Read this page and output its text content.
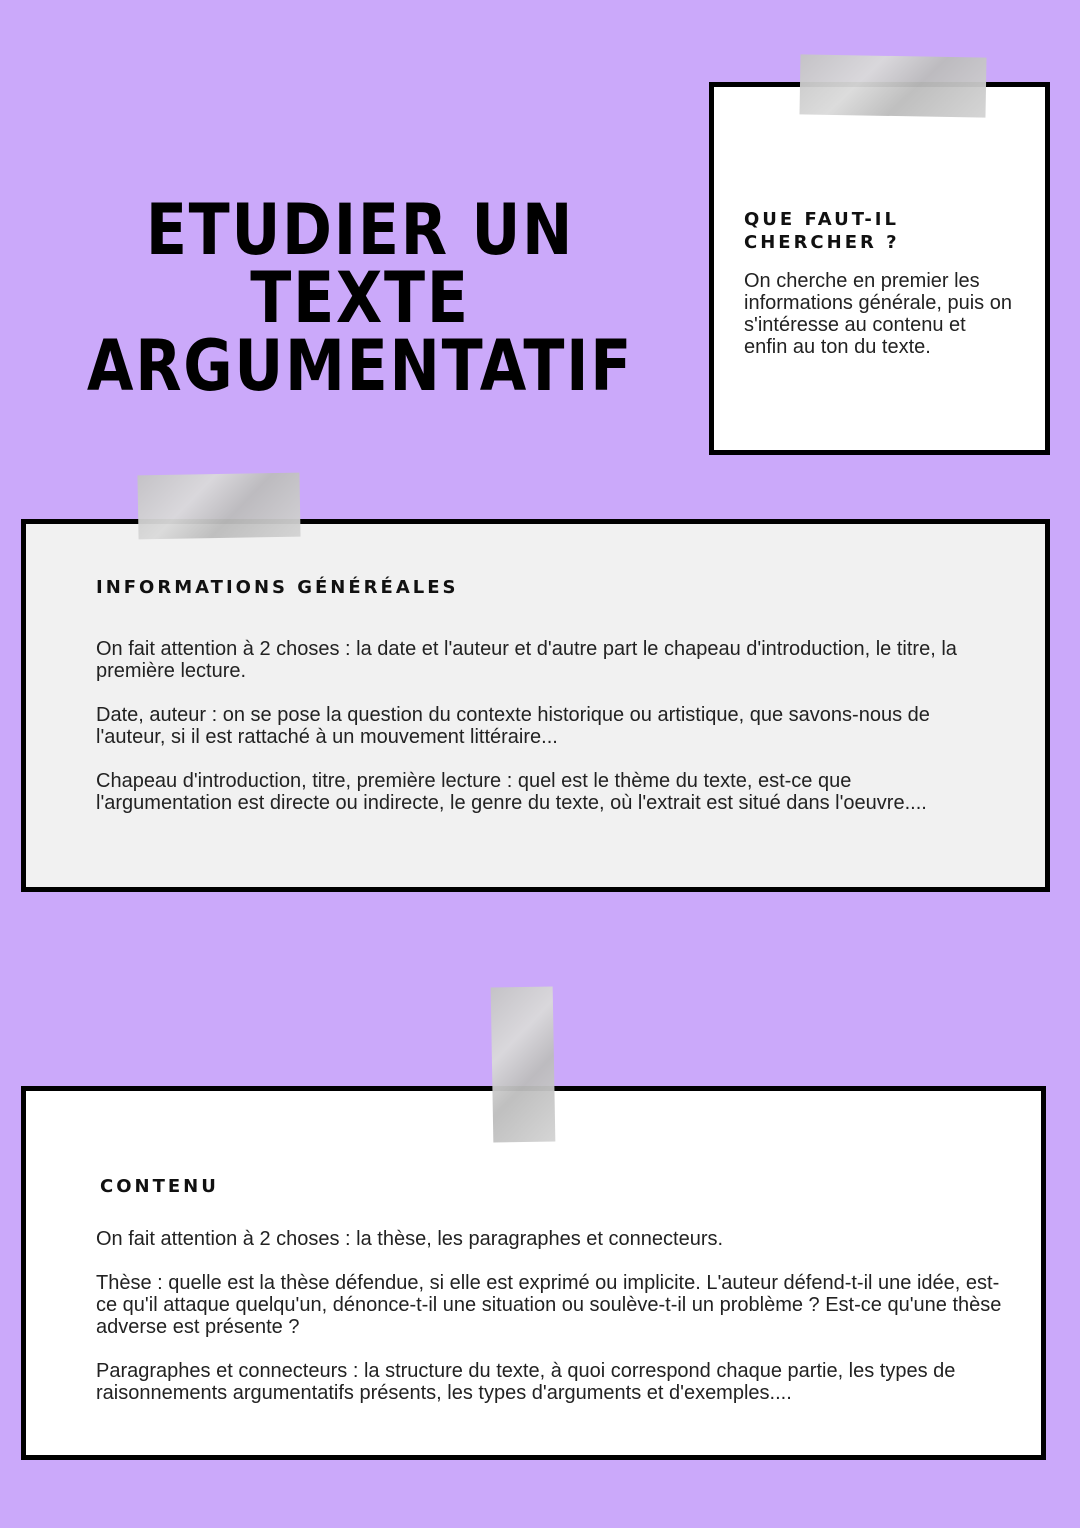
ETUDIER UN TEXTE
ARGUMENTATIF
QUE FAUT-IL
CHERCHER ?

On cherche en premier les informations générale, puis on s'intéresse au contenu et enfin au ton du texte.

INFORMATIONS GÉNÉRÉALES

On fait attention à 2 choses : la date et l'auteur et d'autre part le chapeau d'introduction, le titre, la première lecture.

Date, auteur : on se pose la question du contexte historique ou artistique, que savons-nous de l'auteur, si il est rattaché à un mouvement littéraire...

Chapeau d'introduction, titre, première lecture : quel est le thème du texte, est-ce que l'argumentation est directe ou indirecte, le genre du texte, où l'extrait est situé dans l'oeuvre....

CONTENU

On fait attention à 2 choses : la thèse, les paragraphes et connecteurs.

Thèse : quelle est la thèse défendue, si elle est exprimé ou implicite. L'auteur défend-t-il une idée, est-ce qu'il attaque quelqu'un, dénonce-t-il une situation ou soulève-t-il un problème ? Est-ce qu'une thèse adverse est présente ?

Paragraphes et connecteurs : la structure du texte, à quoi correspond chaque partie, les types de raisonnements argumentatifs présents, les types d'arguments et d'exemples....
